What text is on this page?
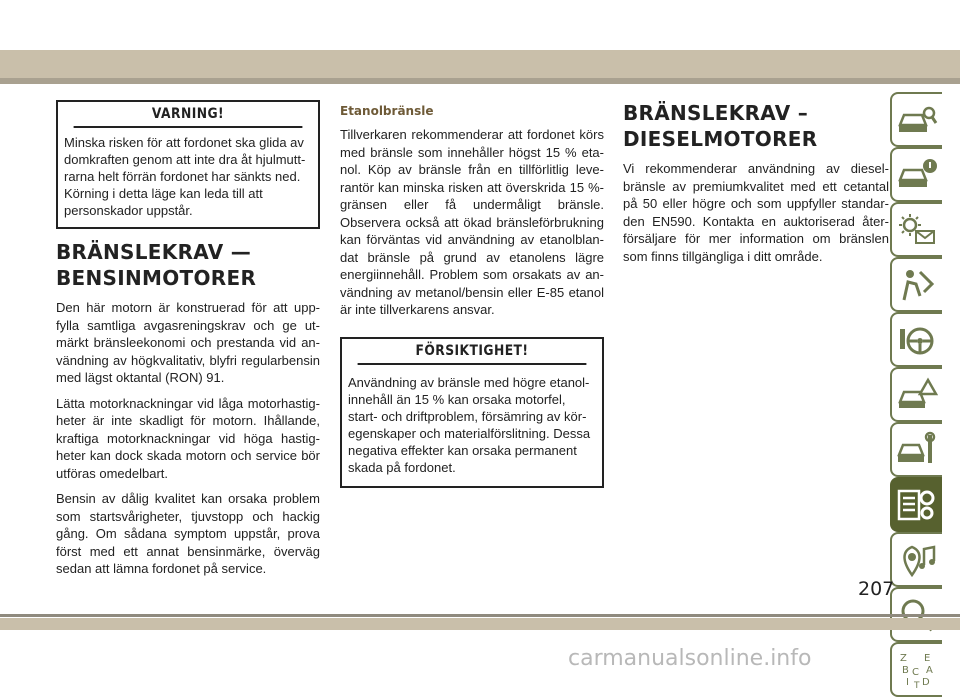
VARNING!
Minska risken för att fordonet ska glida av
domkraften genom att inte dra åt hjulmutt-
rarna helt förrän fordonet har sänkts ned.
Körning i detta läge kan leda till att
personskador uppstår.
BRÄNSLEKRAV —
BENSINMOTORER

Den här motorn är konstruerad för att upp- fylla samtliga avgasreningskrav och ge ut- märkt bränsleekonomi och prestanda vid an- vändning av högkvalitativ, blyfri regularbensin med lägst oktantal (RON) 91.

Lätta motorknackningar vid låga motorhastig- heter är inte skadligt för motorn. Ihållande, kraftiga motorknackningar vid höga hastig- heter kan dock skada motorn och service bör utföras omedelbart.

Bensin av dålig kvalitet kan orsaka problem som startsvårigheter, tjuvstopp och hackig gång. Om sådana symptom uppstår, prova först med ett annat bensinmärke, överväg sedan att lämna fordonet på service.

Etanolbränsle

Tillverkaren rekommenderar att fordonet körs med bränsle som innehåller högst 15 % eta- nol. Köp av bränsle från en tillförlitlig leve- rantör kan minska risken att överskrida 15 %- gränsen eller få undermåligt bränsle. Observera också att ökad bränsleförbrukning kan förväntas vid användning av etanolblan- dat bränsle på grund av etanolens lägre energiinnehåll. Problem som orsakats av an- vändning av metanol/bensin eller E-85 etanol är inte tillverkarens ansvar.

FÖRSIKTIGHET!
Användning av bränsle med högre etanol-
innehåll än 15 % kan orsaka motorfel,
start- och driftproblem, försämring av kör-
egenskaper och materialförslitning. Dessa
negativa effekter kan orsaka permanent
skada på fordonet.
BRÄNSLEKRAV –
DIESELMOTORER

Vi rekommenderar användning av diesel- bränsle av premiumkvalitet med ett cetantal på 50 eller högre och som uppfyller standar- den EN590. Kontakta en auktoriserad åter- försäljare för mer information om bränslen som finns tillgängliga i ditt område.

Z E
B A
C
D
I T
207
carmanualsonline.info
